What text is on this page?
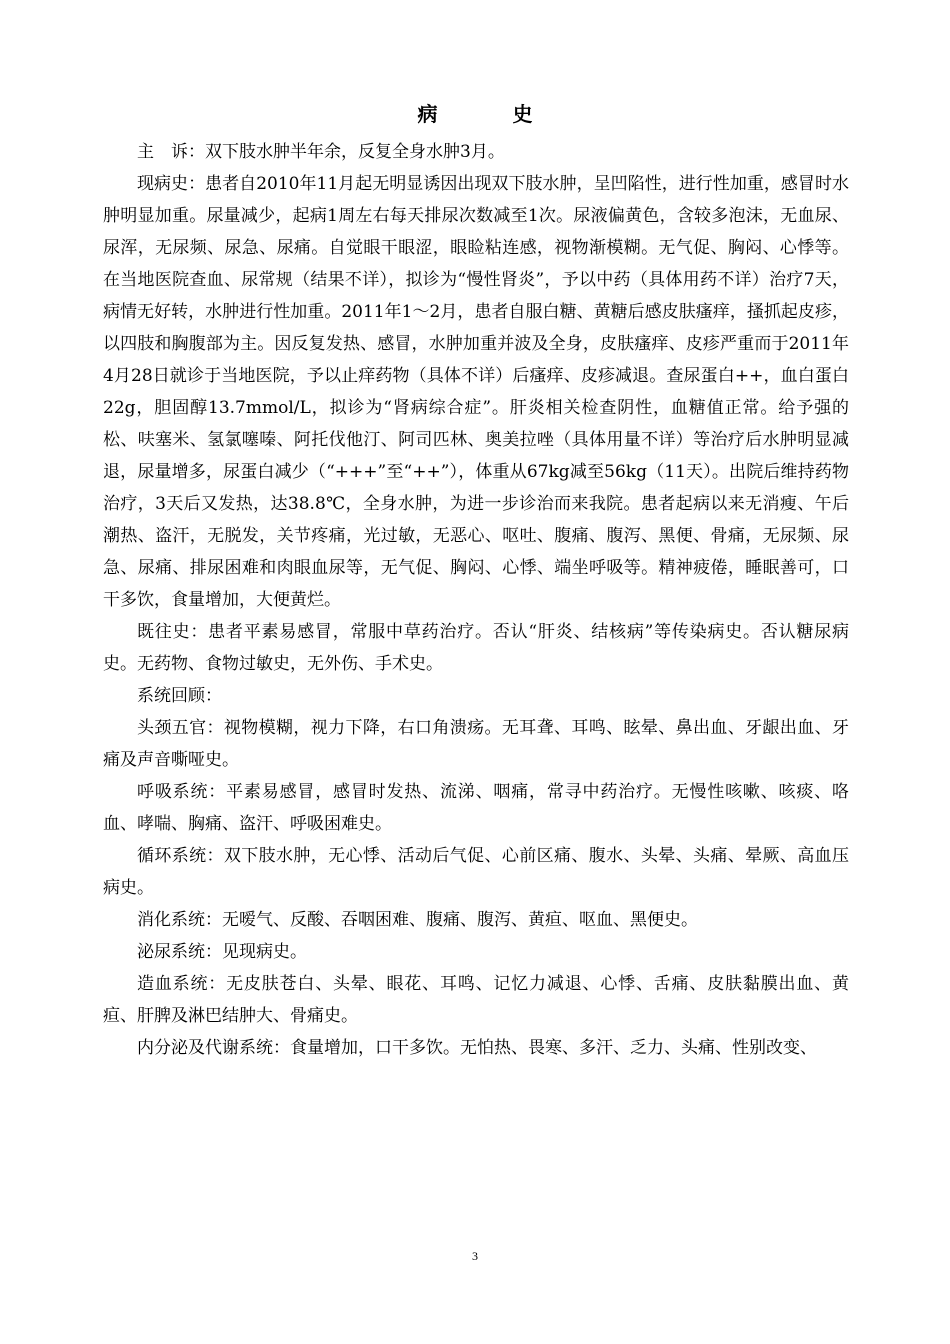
病 史

主　诉：双下肢水肿半年余，反复全身水肿3月。

现病史：患者自2010年11月起无明显诱因出现双下肢水肿，呈凹陷性，进行性加重，感冒时水肿明显加重。尿量减少，起病1周左右每天排尿次数减至1次。尿液偏黄色，含较多泡沫，无血尿、尿浑，无尿频、尿急、尿痛。自觉眼干眼涩，眼睑粘连感，视物渐模糊。无气促、胸闷、心悸等。在当地医院查血、尿常规（结果不详），拟诊为“慢性肾炎”，予以中药（具体用药不详）治疗7天，病情无好转，水肿进行性加重。2011年1～2月，患者自服白糖、黄糖后感皮肤瘙痒，搔抓起皮疹，以四肢和胸腹部为主。因反复发热、感冒，水肿加重并波及全身，皮肤瘙痒、皮疹严重而于2011年4月28日就诊于当地医院，予以止痒药物（具体不详）后瘙痒、皮疹减退。查尿蛋白++，血白蛋白22g，胆固醇13.7mmol/L，拟诊为“肾病综合症”。肝炎相关检查阴性，血糖值正常。给予强的松、呋塞米、氢氯噻嗪、阿托伐他汀、阿司匹林、奥美拉唑（具体用量不详）等治疗后水肿明显减退，尿量增多，尿蛋白减少（“+++”至“++”），体重从67kg减至56kg（11天）。出院后维持药物治疗，3天后又发热，达38.8℃，全身水肿，为进一步诊治而来我院。患者起病以来无消瘦、午后潮热、盗汗，无脱发，关节疼痛，光过敏，无恶心、呕吐、腹痛、腹泻、黑便、骨痛，无尿频、尿急、尿痛、排尿困难和肉眼血尿等，无气促、胸闷、心悸、端坐呼吸等。精神疲倦，睡眠善可，口干多饮，食量增加，大便黄烂。

既往史：患者平素易感冒，常服中草药治疗。否认“肝炎、结核病”等传染病史。否认糖尿病史。无药物、食物过敏史，无外伤、手术史。

系统回顾：

头颈五官：视物模糊，视力下降，右口角溃疡。无耳聋、耳鸣、眩晕、鼻出血、牙龈出血、牙痛及声音嘶哑史。

呼吸系统：平素易感冒，感冒时发热、流涕、咽痛，常寻中药治疗。无慢性咳嗽、咳痰、咯血、哮喘、胸痛、盗汗、呼吸困难史。

循环系统：双下肢水肿，无心悸、活动后气促、心前区痛、腹水、头晕、头痛、晕厥、高血压病史。

消化系统：无嗳气、反酸、吞咽困难、腹痛、腹泻、黄疸、呕血、黑便史。

泌尿系统：见现病史。

造血系统：无皮肤苍白、头晕、眼花、耳鸣、记忆力减退、心悸、舌痛、皮肤黏膜出血、黄疸、肝脾及淋巴结肿大、骨痛史。

内分泌及代谢系统：食量增加，口干多饮。无怕热、畏寒、多汗、乏力、头痛、性别改变、

3
